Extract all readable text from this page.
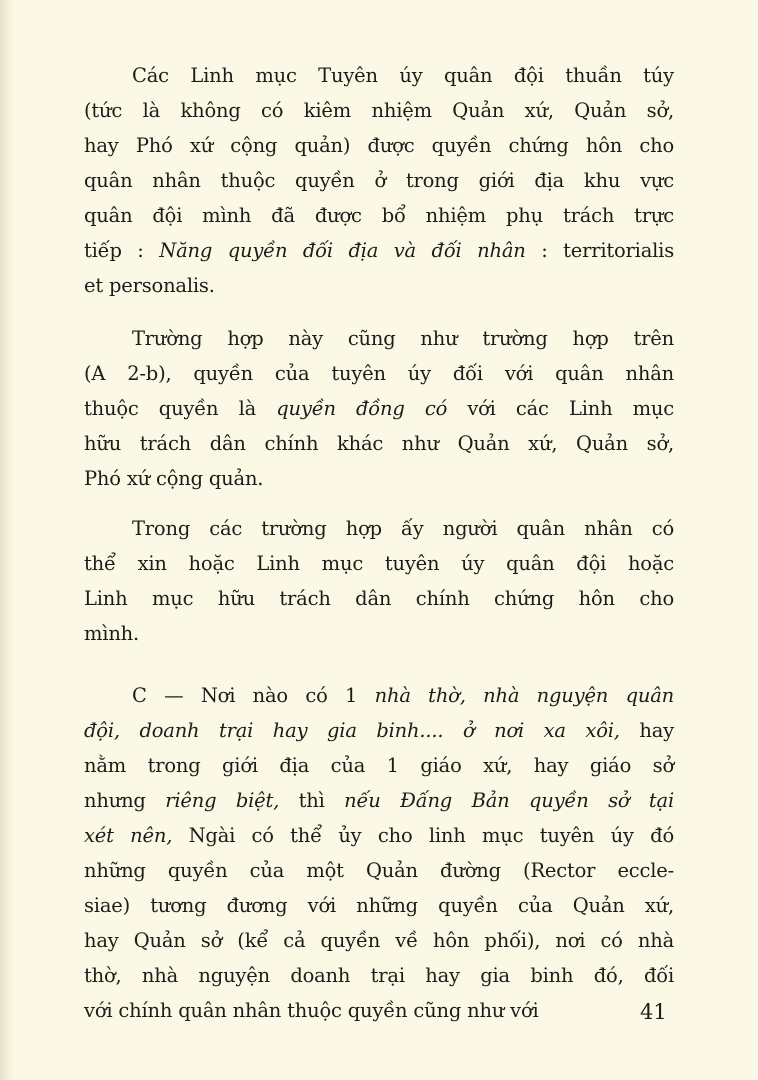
Các Linh mục Tuyên úy quân đội thuần túy
(tức là không có kiêm nhiệm Quản xứ, Quản sở,
hay Phó xứ cộng quản) được quyền chứng hôn cho
quân nhân thuộc quyền ở trong giới địa khu vực
quân đội mình đã được bổ nhiệm phụ trách trực
tiếp : Năng quyền đối địa và đối nhân : territorialis
et personalis.
Trường hợp này cũng như trường hợp trên
(A 2-b), quyền của tuyên úy đối với quân nhân
thuộc quyền là quyền đồng có với các Linh mục
hữu trách dân chính khác như Quản xứ, Quản sở,
Phó xứ cộng quản.
Trong các trường hợp ấy người quân nhân có
thể xin hoặc Linh mục tuyên úy quân đội hoặc
Linh mục hữu trách dân chính chứng hôn cho
mình.
C — Nơi nào có 1 nhà thờ, nhà nguyện quân
đội, doanh trại hay gia binh.... ở nơi xa xôi, hay
nằm trong giới địa của 1 giáo xứ, hay giáo sở
nhưng riêng biệt, thì nếu Đấng Bản quyền sở tại
xét nên, Ngài có thể ủy cho linh mục tuyên úy đó
những quyền của một Quản đường (Rector eccle-
siae) tương đương với những quyền của Quản xứ,
hay Quản sở (kể cả quyền về hôn phối), nơi có nhà
thờ, nhà nguyện doanh trại hay gia binh đó, đối
với chính quân nhân thuộc quyền cũng như với	41
